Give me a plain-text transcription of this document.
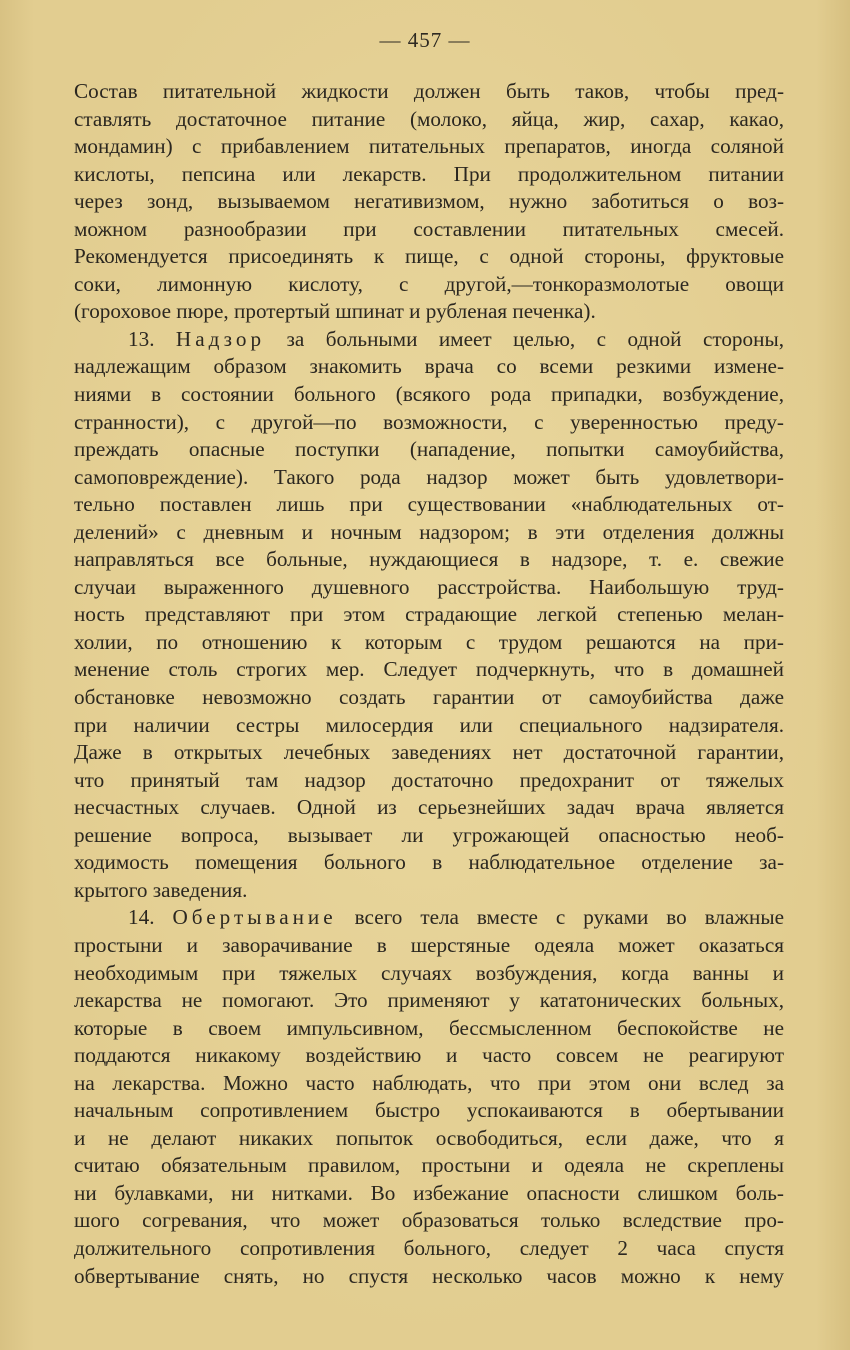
— 457 —
Состав питательной жидкости должен быть таков, чтобы пред-
ставлять достаточное питание (молоко, яйца, жир, сахар, какао,
мондамин) с прибавлением питательных препаратов, иногда соляной
кислоты, пепсина или лекарств. При продолжительном питании
через зонд, вызываемом негативизмом, нужно заботиться о воз-
можном разнообразии при составлении питательных смесей.
Рекомендуется присоединять к пище, с одной стороны, фруктовые
соки, лимонную кислоту, с другой,—тонкоразмолотые овощи
(гороховое пюре, протертый шпинат и рубленая печенка).
13. Надзор за больными имеет целью, с одной стороны,
надлежащим образом знакомить врача со всеми резкими измене-
ниями в состоянии больного (всякого рода припадки, возбуждение,
странности), с другой—по возможности, с уверенностью преду-
преждать опасные поступки (нападение, попытки самоубийства,
самоповреждение). Такого рода надзор может быть удовлетвори-
тельно поставлен лишь при существовании «наблюдательных от-
делений» с дневным и ночным надзором; в эти отделения должны
направляться все больные, нуждающиеся в надзоре, т. е. свежие
случаи выраженного душевного расстройства. Наибольшую труд-
ность представляют при этом страдающие легкой степенью мелан-
холии, по отношению к которым с трудом решаются на при-
менение столь строгих мер. Следует подчеркнуть, что в домашней
обстановке невозможно создать гарантии от самоубийства даже
при наличии сестры милосердия или специального надзирателя.
Даже в открытых лечебных заведениях нет достаточной гарантии,
что принятый там надзор достаточно предохранит от тяжелых
несчастных случаев. Одной из серьезнейших задач врача является
решение вопроса, вызывает ли угрожающей опасностью необ-
ходимость помещения больного в наблюдательное отделение за-
крытого заведения.
14. Обертывание всего тела вместе с руками во влажные
простыни и заворачивание в шерстяные одеяла может оказаться
необходимым при тяжелых случаях возбуждения, когда ванны и
лекарства не помогают. Это применяют у кататонических больных,
которые в своем импульсивном, бессмысленном беспокойстве не
поддаются никакому воздействию и часто совсем не реагируют
на лекарства. Можно часто наблюдать, что при этом они вслед за
начальным сопротивлением быстро успокаиваются в обертывании
и не делают никаких попыток освободиться, если даже, что я
считаю обязательным правилом, простыни и одеяла не скреплены
ни булавками, ни нитками. Во избежание опасности слишком боль-
шого согревания, что может образоваться только вследствие про-
должительного сопротивления больного, следует 2 часа спустя
обвертывание снять, но спустя несколько часов можно к нему
